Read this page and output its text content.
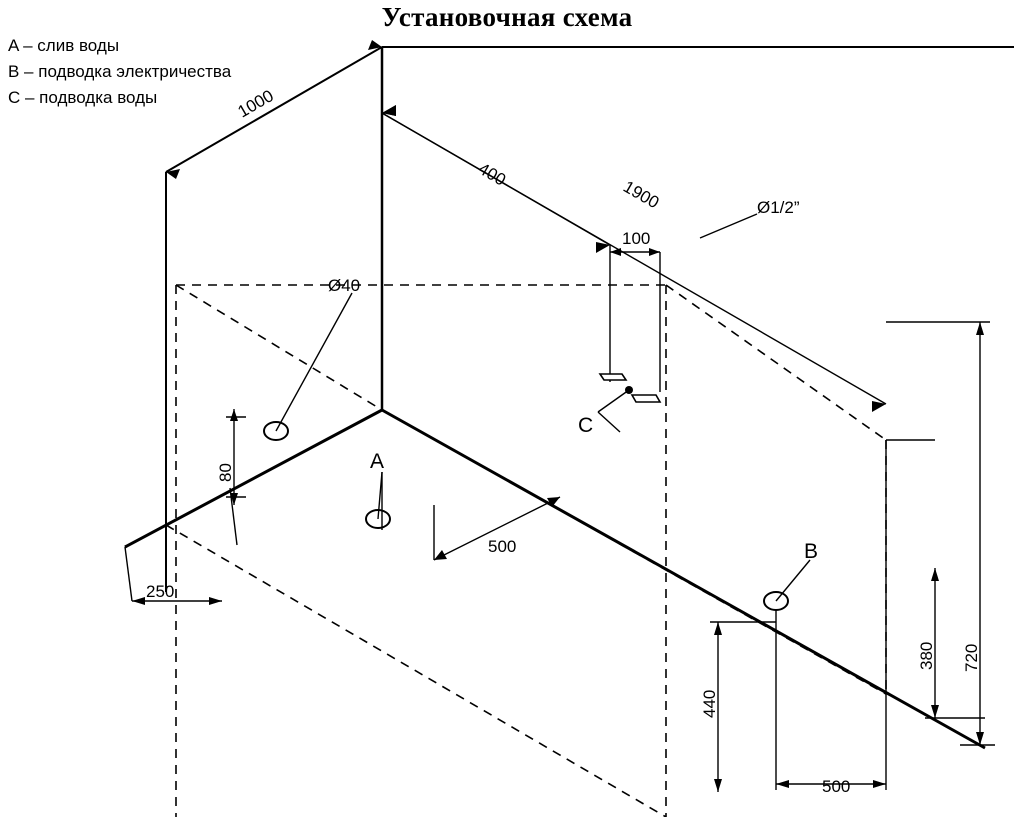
Установочная схема
A – слив воды
B – подводка электричества
C – подводка воды	1000
1900
400
100
Ø1/2”
C
Ø40
80	A
500
250
B
440
500
380 720
